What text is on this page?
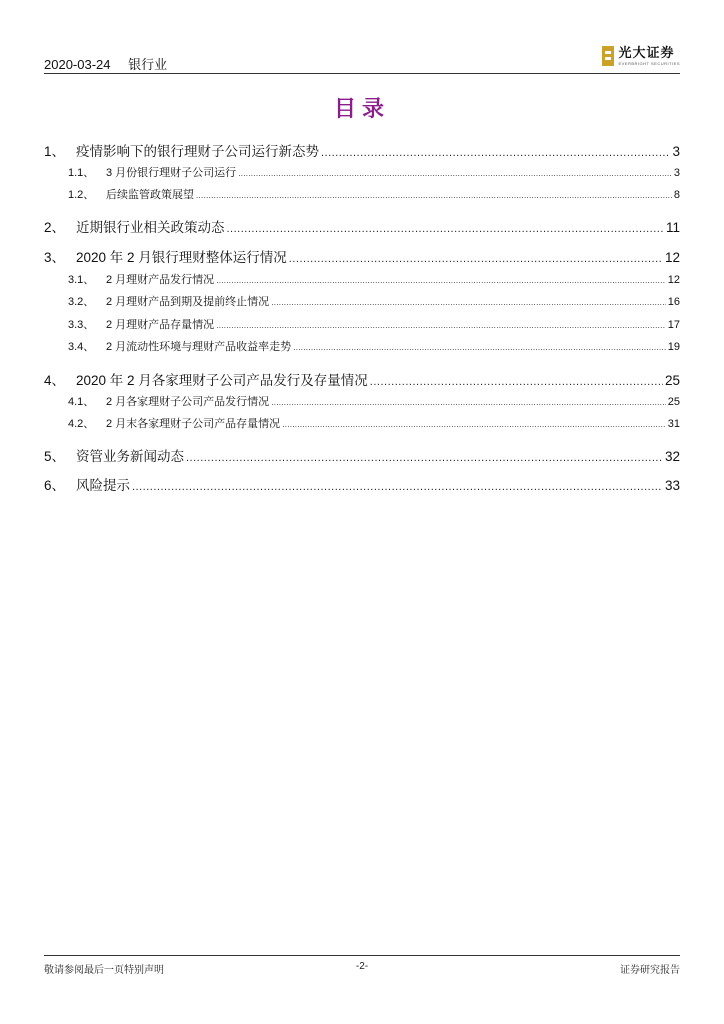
2020-03-24 银行业
光大证券
EVERBRIGHT SECURITIES
目录
1、 疫情影响下的银行理财子公司运行新态势 .....	3
1.1、	3 月份银行理财子公司运行 .....	3
1.2、	后续监管政策展望 .....	8
2、 近期银行业相关政策动态 .....	11
3、 2020 年 2 月银行理财整体运行情况 .....	12
3.1、	2 月理财产品发行情况 .....	12
3.2、	2 月理财产品到期及提前终止情况 .....	16
3.3、	2 月理财产品存量情况 .....	17
3.4、	2 月流动性环境与理财产品收益率走势 .....	19
4、 2020 年 2 月各家理财子公司产品发行及存量情况 .....	25
4.1、	2 月各家理财子公司产品发行情况 .....	25
4.2、	2 月末各家理财子公司产品存量情况 .....	31
5、 资管业务新闻动态 .....	32
6、 风险提示 .....	33
敬请参阅最后一页特别声明	-2-	证券研究报告
